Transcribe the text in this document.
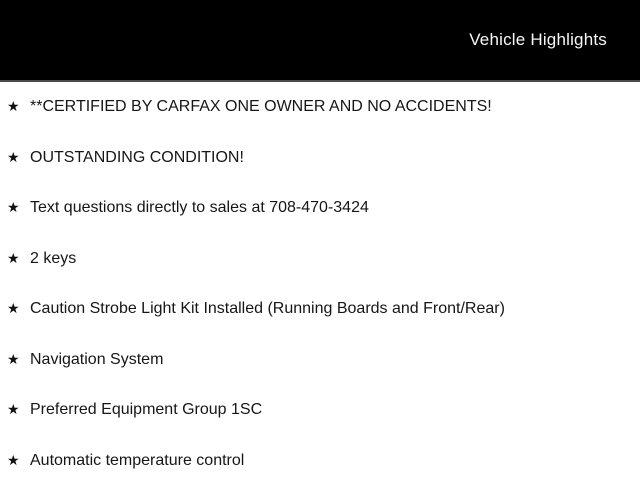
Vehicle Highlights
★ **CERTIFIED BY CARFAX ONE OWNER AND NO ACCIDENTS!
★ OUTSTANDING CONDITION!
★ Text questions directly to sales at 708-470-3424
★ 2 keys
★ Caution Strobe Light Kit Installed (Running Boards and Front/Rear)
★ Navigation System
★ Preferred Equipment Group 1SC
★ Automatic temperature control
